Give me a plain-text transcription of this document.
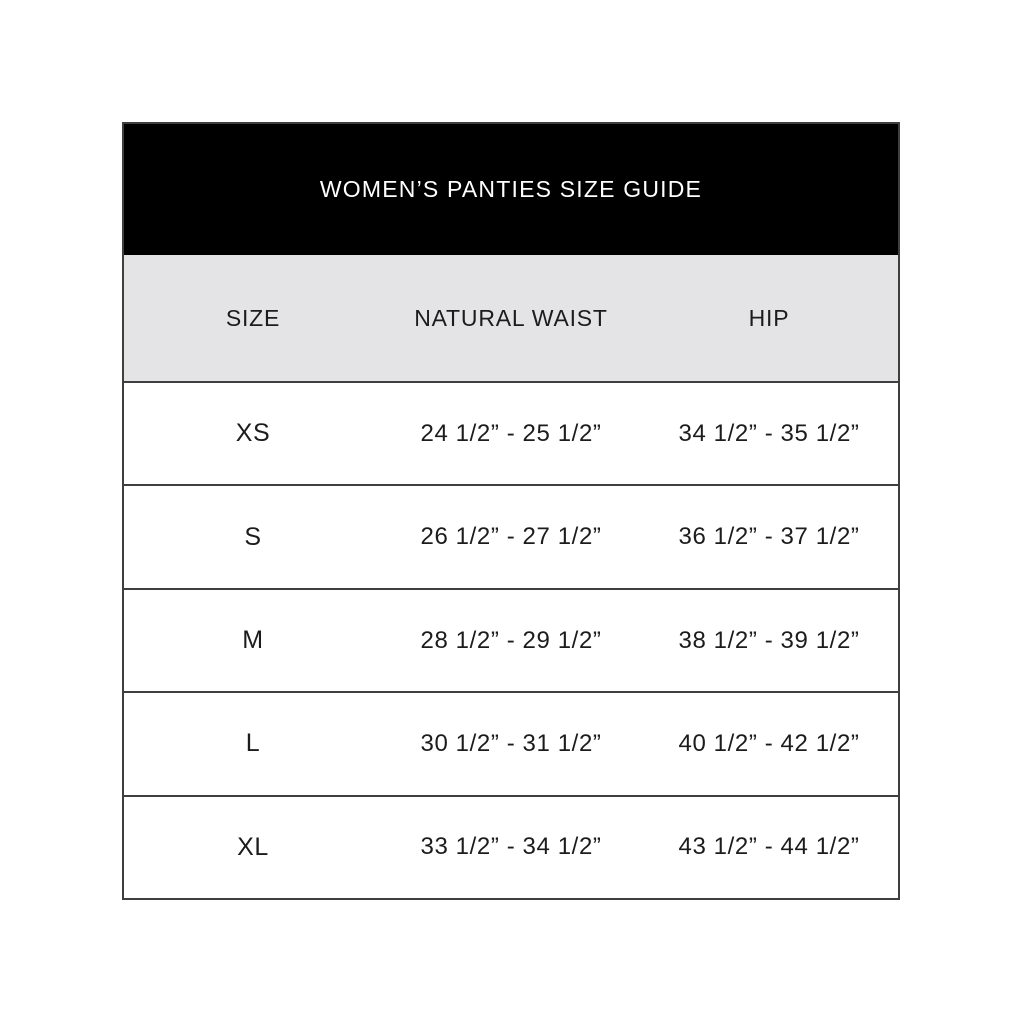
WOMEN’S PANTIES SIZE GUIDE
SIZE	NATURAL WAIST	HIP
XS	24 1/2” - 25 1/2”	34 1/2” - 35 1/2”
S	26 1/2” - 27 1/2”	36 1/2” - 37 1/2”
M	28 1/2” - 29 1/2”	38 1/2” - 39 1/2”
L	30 1/2” - 31 1/2”	40 1/2” - 42 1/2”
XL	33 1/2” - 34 1/2”	43 1/2” - 44 1/2”
